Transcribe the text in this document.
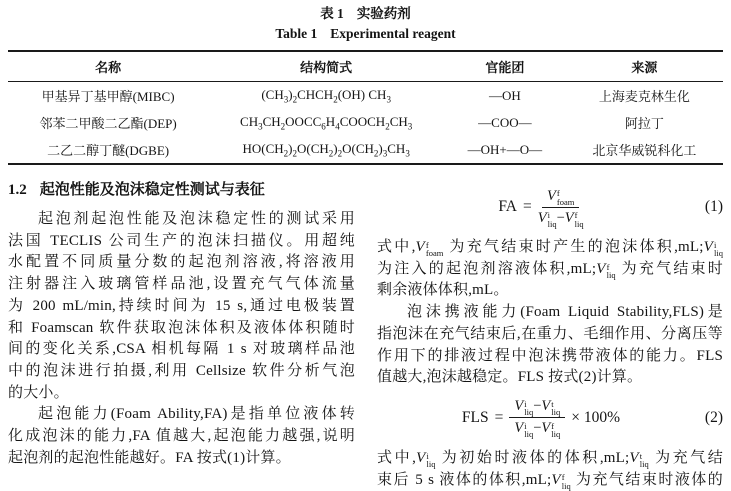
表 1 实验药剂
Table 1 Experimental reagent
名称	结构简式	官能团	来源
甲基异丁基甲醇(MIBC)	$(CH_3)_2CHCH_2(OH)$ $CH_3$	—OH	上海麦克林生化
邻苯二甲酸二乙酯(DEP)	$CH_3CH_2OOCC_6H_4COOCH_2CH_3$	—COO—	阿拉丁
二乙二醇丁醚(DGBE)	$HO(CH_2)_2O(CH_2)_2O(CH_2)_3CH_3$	—OH+—O—	北京华威锐科化工
1.2 起泡性能及泡沫稳定性测试与表征
起泡剂起泡性能及泡沫稳定性的测试采用
法国 TECLIS 公司生产的泡沫扫描仪。用超纯
水配置不同质量分数的起泡剂溶液,将溶液用
注射器注入玻璃管样品池,设置充气气体流量
为 200 mL/min,持续时间为 15 s,通过电极装置
和 Foamscan 软件获取泡沫体积及液体体积随时
间的变化关系,CSA 相机每隔 1 s 对玻璃样品池
中的泡沫进行拍摄,利用 Cellsize 软件分析气泡
的大小。
起泡能力(Foam Ability,FA)是指单位液体转
化成泡沫的能力,FA 值越大,起泡能力越强,说明
起泡剂的起泡性能越好。FA 按式(1)计算。
FA = V f
foam
V i
liq − V f
liq	(1)
式中, V f
foam 为充气结束时产生的泡沫体积,mL; V i
liq
为注入的起泡剂溶液体积,mL; V f
liq 为充气结束时
剩余液体体积,mL。
泡沫携液能力(Foam Liquid Stability,FLS)是
指泡沫在充气结束后,在重力、毛细作用、分离压等
作用下的排液过程中泡沫携带液体的能力。FLS
值越大,泡沫越稳定。FLS 按式(2)计算。
FLS = V i
liq − V t
liq
V i
liq − V f
liq × 100%	(2)
式中, V i
liq 为初始时液体的体积,mL; V t
liq 为充气结
束后 5 s 液体的体积,mL; V f
liq 为充气结束时液体的
